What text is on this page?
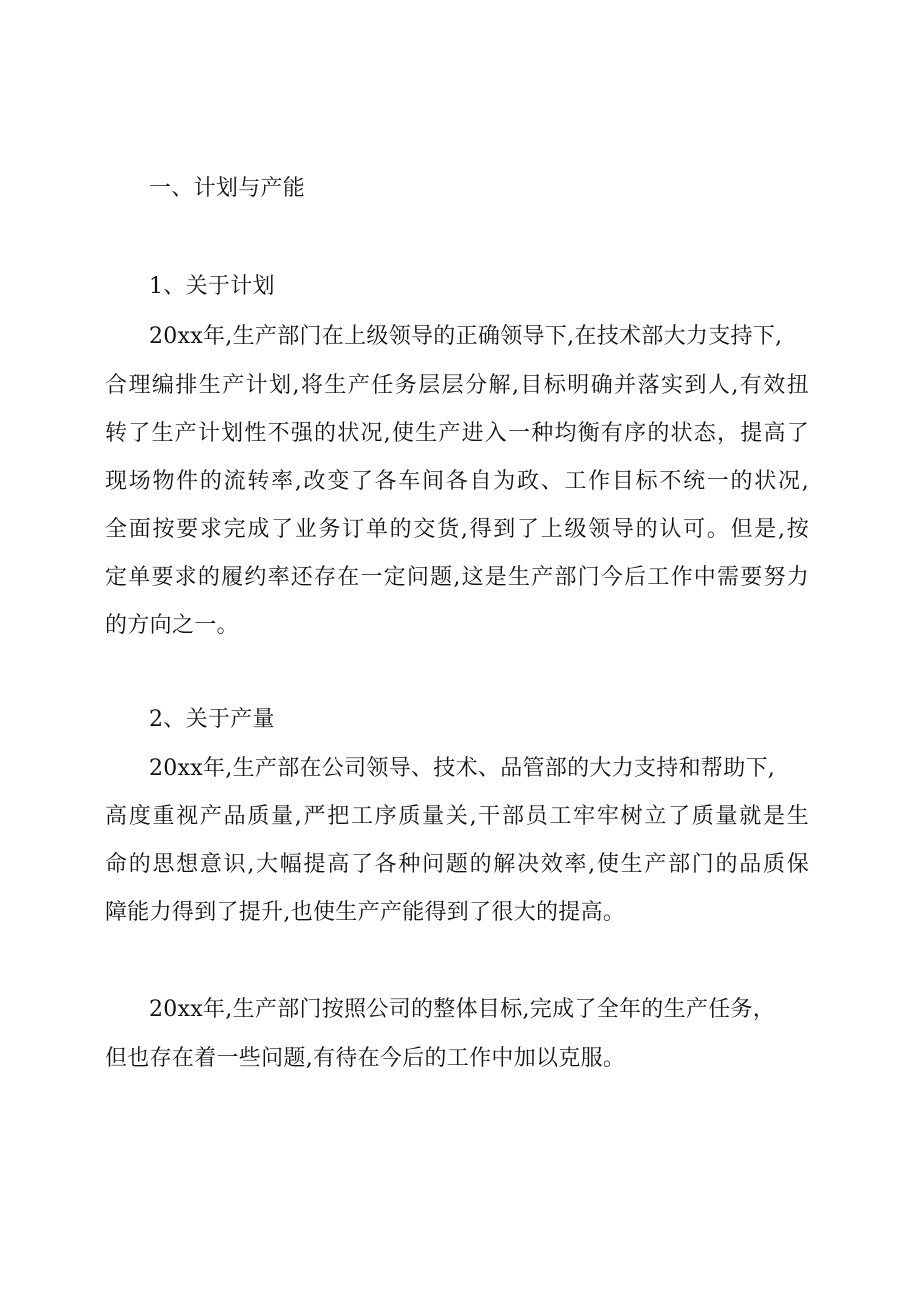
一、计划与产能
1、关于计划
20xx年,生产部门在上级领导的正确领导下,在技术部大力支持下,
合理编排生产计划,将生产任务层层分解,目标明确并落实到人,有效扭
转了生产计划性不强的状况,使生产进入一种均衡有序的状态，提高了
现场物件的流转率,改变了各车间各自为政、工作目标不统一的状况,
全面按要求完成了业务订单的交货,得到了上级领导的认可。但是,按
定单要求的履约率还存在一定问题,这是生产部门今后工作中需要努力
的方向之一。
2、关于产量
20xx年,生产部在公司领导、技术、品管部的大力支持和帮助下,
高度重视产品质量,严把工序质量关,干部员工牢牢树立了质量就是生
命的思想意识,大幅提高了各种问题的解决效率,使生产部门的品质保
障能力得到了提升,也使生产产能得到了很大的提高。
20xx年,生产部门按照公司的整体目标,完成了全年的生产任务，
但也存在着一些问题,有待在今后的工作中加以克服。
